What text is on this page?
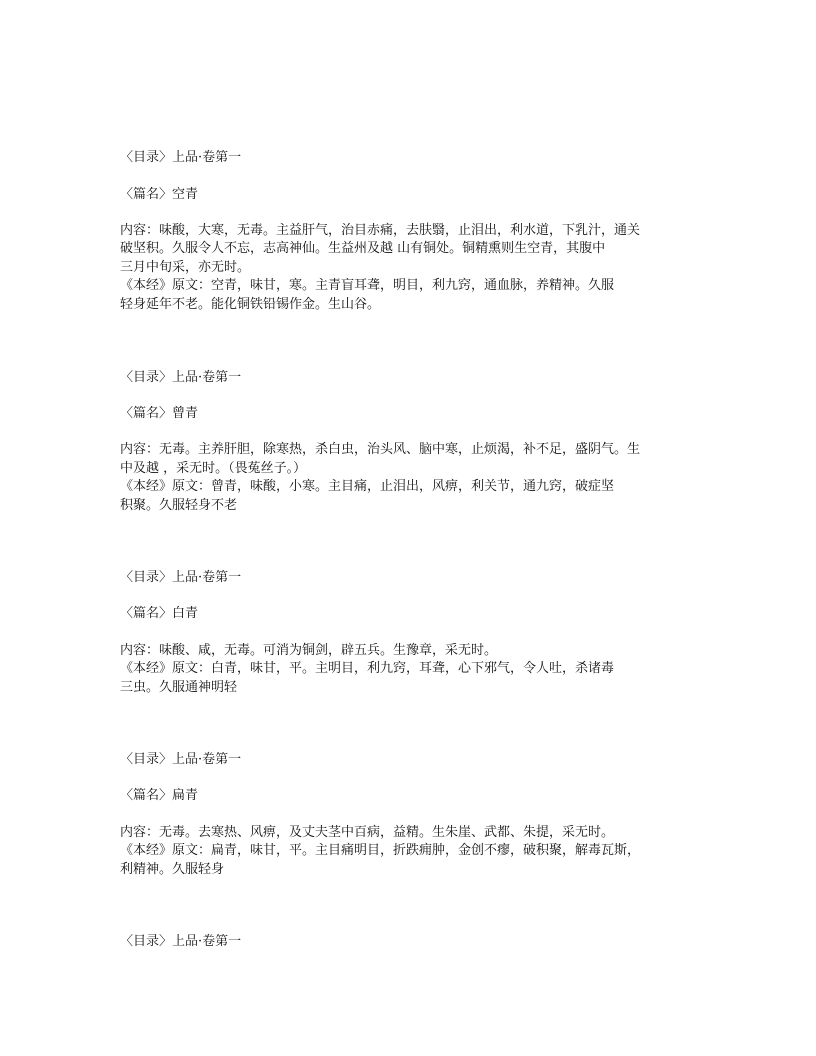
〈目录〉上品·卷第一
〈篇名〉空青
内容：味酸，大寒，无毒。主益肝气，治目赤痛，去肤翳，止泪出，利水道，下乳汁，通关
破坚积。久服令人不忘，志高神仙。生益州及越 山有铜处。铜精熏则生空青，其腹中
三月中旬采，亦无时。
《本经》原文：空青，味甘，寒。主青盲耳聋，明目，利九窍，通血脉，养精神。久服
轻身延年不老。能化铜铁铅锡作金。生山谷。
〈目录〉上品·卷第一
〈篇名〉曾青
内容：无毒。主养肝胆，除寒热，杀白虫，治头风、脑中寒，止烦渴，补不足，盛阴气。生
中及越 ，采无时。（畏菟丝子。）
《本经》原文：曾青，味酸，小寒。主目痛，止泪出，风痹，利关节，通九窍，破症坚
积聚。久服轻身不老
〈目录〉上品·卷第一
〈篇名〉白青
内容：味酸、咸，无毒。可消为铜剑，辟五兵。生豫章，采无时。
《本经》原文：白青，味甘，平。主明目，利九窍，耳聋，心下邪气，令人吐，杀诸毒
三虫。久服通神明轻
〈目录〉上品·卷第一
〈篇名〉扁青
内容：无毒。去寒热、风痹，及丈夫茎中百病，益精。生朱崖、武都、朱提，采无时。
《本经》原文：扁青，味甘，平。主目痛明目，折跌痈肿，金创不瘳，破积聚，解毒瓦斯，
利精神。久服轻身
〈目录〉上品·卷第一
